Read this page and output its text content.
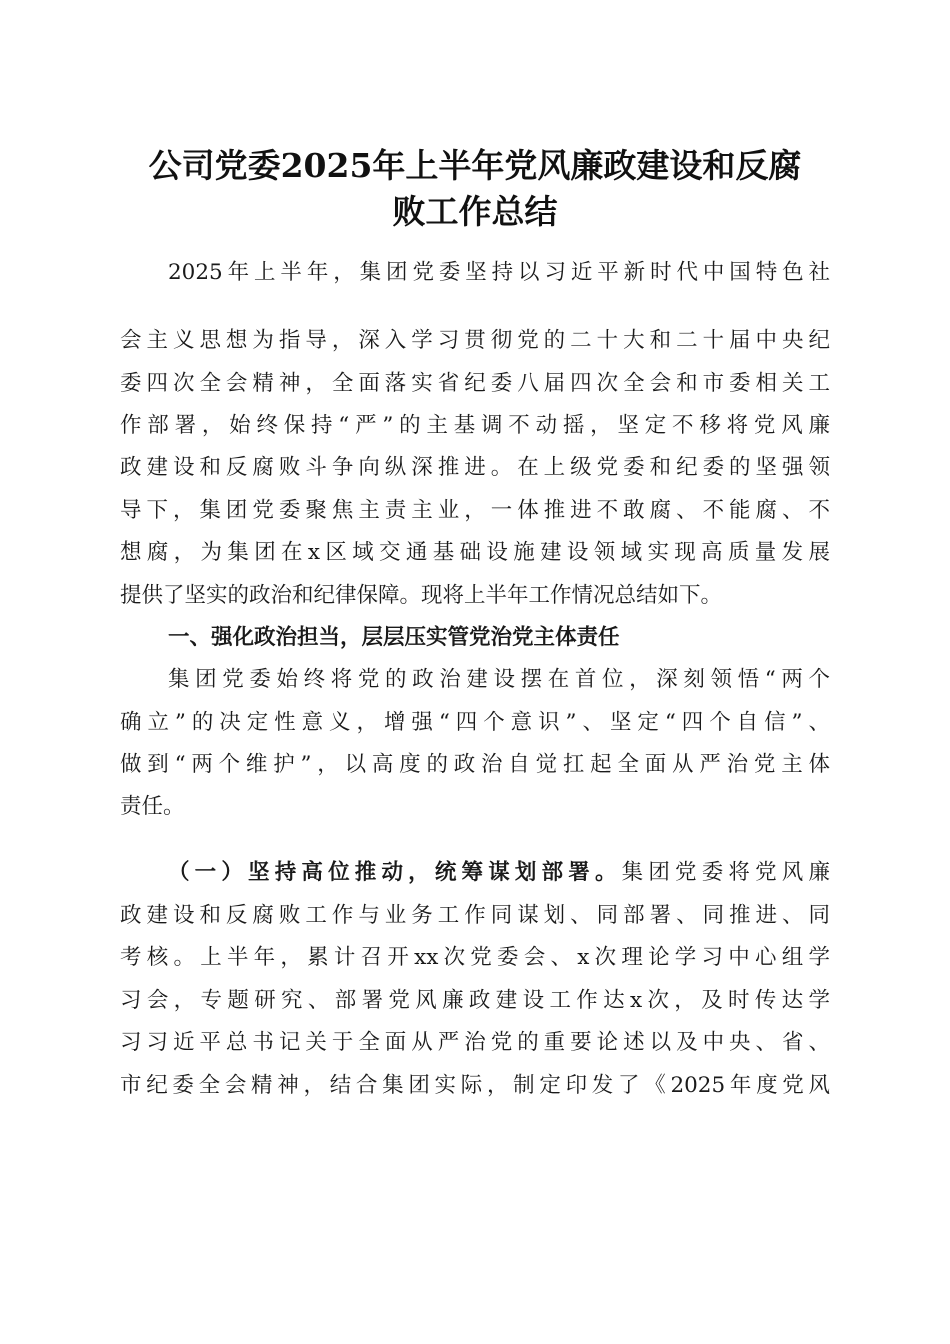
公司党委2025年上半年党风廉政建设和反腐
败工作总结
2025年上半年，集团党委坚持以习近平新时代中国特色社
会主义思想为指导，深入学习贯彻党的二十大和二十届中央纪
委四次全会精神，全面落实省纪委八届四次全会和市委相关工
作部署，始终保持“严”的主基调不动摇，坚定不移将党风廉
政建设和反腐败斗争向纵深推进。在上级党委和纪委的坚强领
导下，集团党委聚焦主责主业，一体推进不敢腐、不能腐、不
想腐，为集团在x区域交通基础设施建设领域实现高质量发展
提供了坚实的政治和纪律保障。现将上半年工作情况总结如下。
一、强化政治担当，层层压实管党治党主体责任
集团党委始终将党的政治建设摆在首位，深刻领悟“两个
确立”的决定性意义，增强“四个意识”、坚定“四个自信”、
做到“两个维护”，以高度的政治自觉扛起全面从严治党主体
责任。
（一）坚持高位推动，统筹谋划部署。集团党委将党风廉
政建设和反腐败工作与业务工作同谋划、同部署、同推进、同
考核。上半年，累计召开xx次党委会、x次理论学习中心组学
习会，专题研究、部署党风廉政建设工作达x次，及时传达学
习习近平总书记关于全面从严治党的重要论述以及中央、省、
市纪委全会精神，结合集团实际，制定印发了《2025年度党风
